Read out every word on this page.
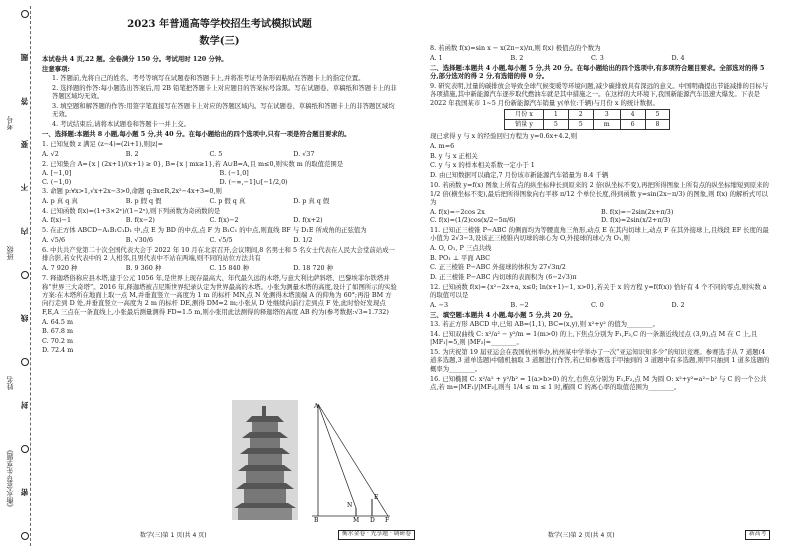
《衡水金卷·先享题》
姓名
班级
考号
密
封
线
内
不
要
答
题
2023 年普通高等学校招生考试模拟试题
数学(三)

本试卷共 4 页,22 题。全卷满分 150 分。考试用时 120 分钟。

注意事项:

1. 答题前,先将自己的姓名、考号等填写在试题卷和答题卡上,并将准考证号条形码粘贴在答题卡上的指定位置。

2. 选择题的作答:每小题选出答案后,用 2B 铅笔把答题卡上对应题目的答案标号涂黑。写在试题卷、草稿纸和答题卡上的非答题区域均无效。

3. 填空题和解答题的作答:用签字笔直接写在答题卡上对应的答题区域内。写在试题卷、草稿纸和答题卡上的非答题区域均无效。

4. 考试结束后,请将本试题卷和答题卡一并上交。

一、选择题:本题共 8 小题,每小题 5 分,共 40 分。在每小题给出的四个选项中,只有一项是符合题目要求的。

1. 已知复数 z 满足 (z−4)=(2i+1),则|z|=

A. √2	B. 2	C. 5	D. √37

2. 已知集合 A={x | (2x+1)/(x+1) ≥ 0}, B={x | mx≥1},若 A∪B=A,且 m≤0,则实数 m 的取值范围是

A. [−1,0]	B. (−1,0]
C. (−1,0)	D. (−∞,−1]∪[−1/2,0)

3. 命题 p:∀x>1,√x+2x−3>0,命题 q:∃x∈R,2x²−4x+3=0,则

A. p 真 q 真	B. p 假 q 假	C. p 假 q 真	D. p 真 q 假

4. 已知函数 f(x)=(1+3×2ˣ)/(1−2ˣ),则下列函数为奇函数的是

A. f(x)−1	B. f(x−2)	C. f(x)−2	D. f(x+2)

5. 在正方体 ABCD−A₁B₁C₁D₁ 中,点 E 为 BD 的中点,点 F 为 B₁C₁ 的中点,则直线 BF 与 D₁E 所成角的正弦值为

A. √5/6	B. √30/6	C. √5/5	D. 1/2

6. 中共共产党第二十次全国代表大会于 2022 年 10 月在北京召开,会议期间,8 名男士和 5 名女士代表在人民大会堂前站成一排合影,若女代表中的 2 人相邻,且男代表中不站在两端,则不同的站位方法共有

A. 7 920 种	B. 9 360 种	C. 15 840 种	D. 18 720 种

7. 释迦塔俗称应县木塔,建于公元 1056 年,是世界上现存最高大、年代最久远的木塔,与意大利比萨斜塔、巴黎埃菲尔铁塔并称“世界三大奇塔”。2016 年,释迦塔被吉尼斯世界纪录认定为世界最高的木塔。小张为测量木塔的高度,设计了如图所示的实验方案:在木塔所在地面上取一点 M,并垂直竖立一高度为 1 m 的标杆 MN,点 N 处测得木塔顶端 A 的仰角为 60°;再沿 BM 方向行走到 D 处,并垂直竖立一高度为 2 m 的标杆 DE,测得 DM=2 m;小张从 D 处继续向前行走到点 F 处,此时恰好发现点 F,E,A 三点在一条直线上,小张最后测量测得 FD=1.5 m,则小张用此法测得的释迦塔的高度 AB 约为(参考数据:√3≈1.732)

A. 64.5 m

B. 67.8 m

C. 70.2 m

D. 72.4 m

A
B	M
N
D
E
F

8. 若函数 f(x)=sin x − x(2π−x)/π,则 f(x) 极值点的个数为

A. 1	B. 2	C. 3	D. 4

二、选择题:本题共 4 小题,每小题 5 分,共 20 分。在每小题给出的四个选项中,有多项符合题目要求。全部选对的得 5 分,部分选对的得 2 分,有选错的得 0 分。

9. 研究表明,过量的碳排放会导致全球气候变暖等环境问题,减少碳排放具有深远的意义。中国明确提出节能减排的目标与各项措施,其中新能源汽车逐步取代燃油车就是其中措施之一。在这样的大环境下,我国新能源汽车迅速大爆发。下表是 2022 年我国某市 1~5 月份新能源汽车销量 y(单位:千辆)与月份 x 的统计数据。

月份 x	1	2	3	4	5
销量 y	5	5	m	6	8

现已求得 y 与 x 的经验回归方程为 y=0.6x+4.2,则

A. m=6

B. y 与 x 正相关

C. y 与 x 的样本相关系数一定小于 1

D. 由已知数据可以确定,7 月份该市新能源汽车销量为 8.4 千辆

10. 若函数 y=f(x) 图象上所有点的纵坐标伸长到原来的 2 倍(纵坐标不变),再把所得图象上所有点的纵坐标缩短到原来的 1/2 倍(横坐标不变),最后把所得图象向右平移 π/12 个单位长度,得到函数 y=sin(2x−π/3) 的图象,则 f(x) 的解析式可以为

A. f(x)=−2cos 2x	B. f(x)=−2sin(2x+π/3)
C. f(x)=(1/2)cos(x/2−5π/6)	D. f(x)=2sin(x/2+π/3)

11. 已知正三棱锥 P−ABC 的侧面均为等腰直角三角形,动点 E 在其内切球上,动点 F 在其外接球上,且线段 EF 长度的最小值为 2√3−3,设该正三棱锥内切球的球心为 O,外接球的球心为 O₁,则

A. O, O₁, P 三点共线

B. PO₁ ⊥ 平面 ABC

C. 正三棱锥 P−ABC 外接球的体积为 27√3π/2

D. 正三棱锥 P−ABC 内切球的表面积为 (6−2√3)π

12. 已知函数 f(x)={x²−2x+a, x≤0; ln(x+1)−1, x>0},若关于 x 的方程 y=f(f(x)) 恰好有 4 个不同的零点,则实数 a 的取值可以是

A. −3	B. −2	C. 0	D. 2

三、填空题:本题共 4 小题,每小题 5 分,共 20 分。

13. 若正方形 ABCD 中,已知 AB=(1,1), BC=(x,y),则 x²+y² 的值为________。

14. 已知双曲线 C: x²/a² − y²/m = 1(m>0) 的上,下焦点分别为 F₁,F₂,C 的一条渐近线过点 (3,9),点 M 在 C 上,且 |MF₁|=5,则 |MF₂|=________。

15. 为庆祝第 19 届亚运会在我国杭州举办,杭州某中学举办了一次“亚运知识知多少”的知识竞赛。参赛选手从 7 道题(4 道多选题,3 道单选题)中随机抽取 3 道题进行作答,若已知参赛选手甲抽到的 3 道题中有多选题,则甲只抽到 1 道多选题的概率为________。

16. 已知椭圆 C: x²/a² + y²/b² = 1(a>b>0) 的左,右焦点分别为 F₁,F₂,点 M 为圆 O: x²+y²=a²−b² 与 C 的一个公共点,若 m=|MF₁|/|MF₂|,则当 1/4 ≤ m ≤ 1 时,椭圆 C 的离心率的取值范围为________。

数学(三)第 1 页(共 4 页)	衡水金卷 · 先享题 · 调研卷	数学(三)第 2 页(共 4 页)	新高考
